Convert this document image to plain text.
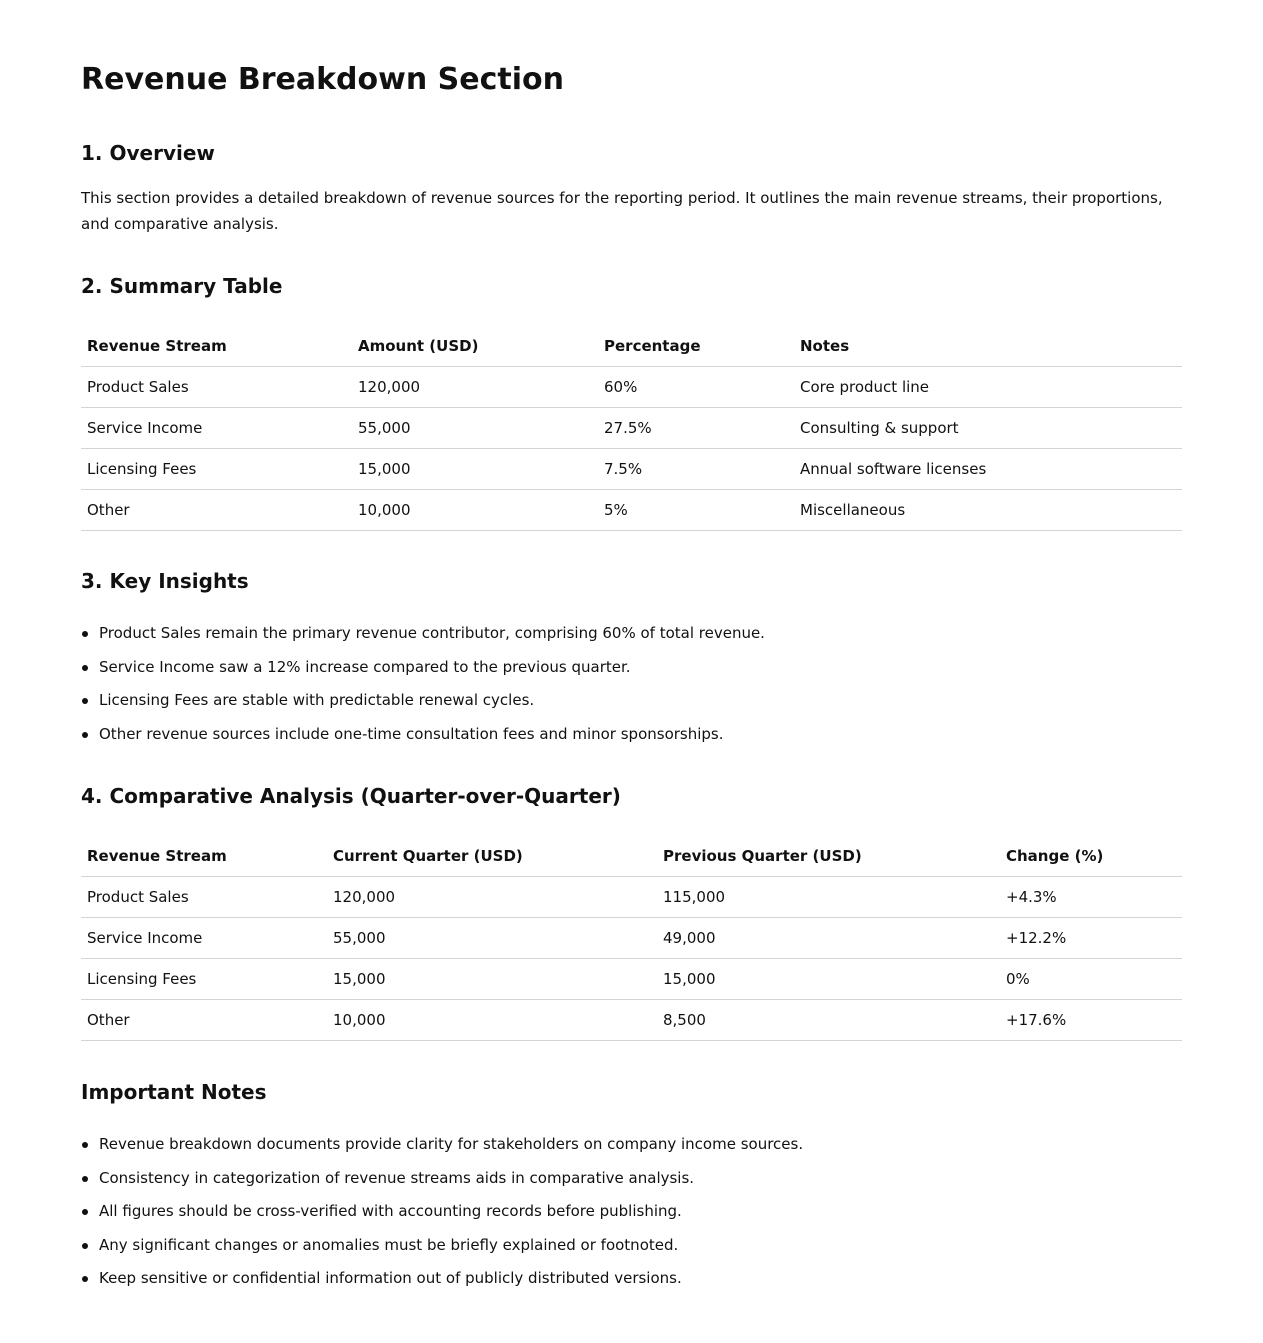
Revenue Breakdown Section
1. Overview

This section provides a detailed breakdown of revenue sources for the reporting period. It outlines the main revenue streams, their proportions, and comparative analysis.

2. Summary Table
Revenue Stream	Amount (USD)	Percentage	Notes
Product Sales	120,000	60%	Core product line
Service Income	55,000	27.5%	Consulting & support
Licensing Fees	15,000	7.5%	Annual software licenses
Other	10,000	5%	Miscellaneous
3. Key Insights
Product Sales remain the primary revenue contributor, comprising 60% of total revenue.
Service Income saw a 12% increase compared to the previous quarter.
Licensing Fees are stable with predictable renewal cycles.
Other revenue sources include one-time consultation fees and minor sponsorships.
4. Comparative Analysis (Quarter-over-Quarter)
Revenue Stream	Current Quarter (USD)	Previous Quarter (USD)	Change (%)
Product Sales	120,000	115,000	+4.3%
Service Income	55,000	49,000	+12.2%
Licensing Fees	15,000	15,000	0%
Other	10,000	8,500	+17.6%
Important Notes
Revenue breakdown documents provide clarity for stakeholders on company income sources.
Consistency in categorization of revenue streams aids in comparative analysis.
All figures should be cross-verified with accounting records before publishing.
Any significant changes or anomalies must be briefly explained or footnoted.
Keep sensitive or confidential information out of publicly distributed versions.
